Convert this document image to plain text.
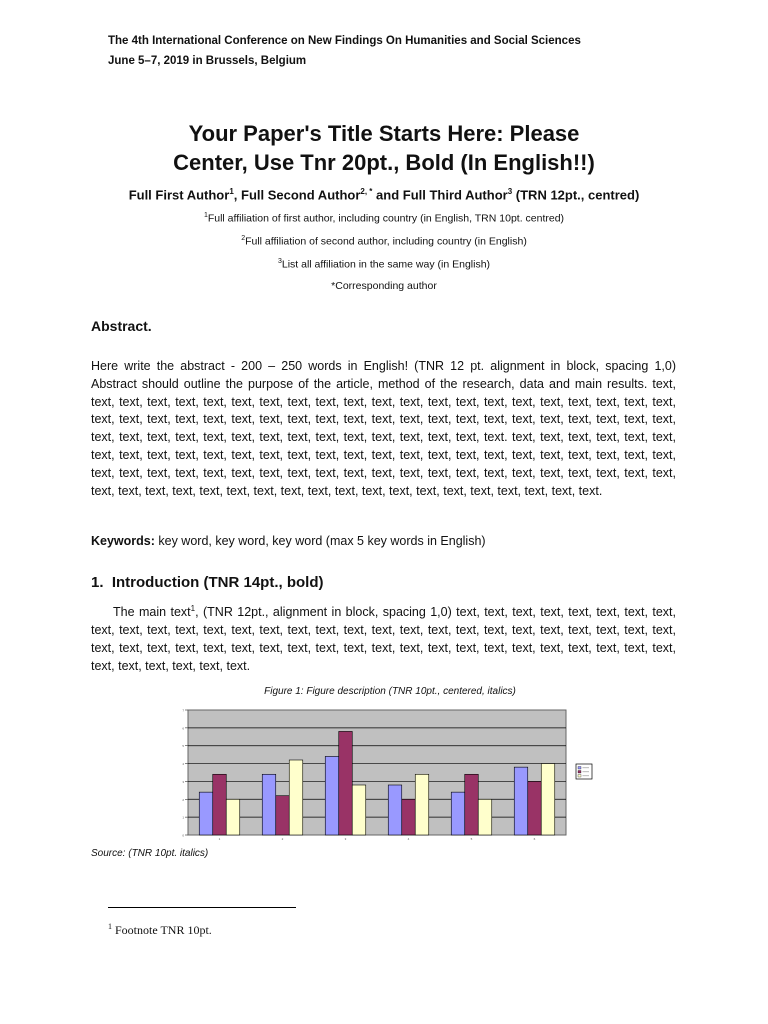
The 4th International Conference on New Findings On Humanities and Social Sciences
June 5–7, 2019 in Brussels, Belgium
Your Paper's Title Starts Here: Please
Center, Use Tnr 20pt., Bold (In English!!)
Full First Author$^1$, Full Second Author$^{2, *}$ and Full Third Author$^3$ (TRN 12pt., centred)
$^1$Full affiliation of first author, including country (in English, TRN 10pt. centred)
$^2$Full affiliation of second author, including country (in English)
$^3$List all affiliation in the same way (in English)
*Corresponding author
Abstract.
Here write the abstract - 200 – 250 words in English! (TNR 12 pt. alignment in block, spacing 1,0) Abstract should outline the purpose of the article, method of the research, data and main results. text, text, text, text, text, text, text, text, text, text, text, text, text, text, text, text, text, text, text, text, text, text, text, text, text, text, text, text, text, text, text, text, text, text, text, text, text, text, text, text, text, text, text, text, text, text, text, text, text, text, text, text, text, text, text, text, text, text. text, text, text, text, text, text, text, text, text, text, text, text, text, text, text, text, text, text, text, text, text, text, text, text, text, text, text, text, text, text, text, text, text, text, text, text, text, text, text, text, text, text, text, text, text, text, text, text, text, text, text, text, text, text, text, text, text, text, text, text, text, text, text, text, text, text, text.
Keywords: key word, key word, key word (max 5 key words in English)
1.  Introduction (TNR 14pt., bold)
The main text$^1$, (TNR 12pt., alignment in block, spacing 1,0) text, text, text, text, text, text, text, text, text, text, text, text, text, text, text, text, text, text, text, text, text, text, text, text, text, text, text, text, text, text, text, text, text, text, text, text, text, text, text, text, text, text, text, text, text, text, text, text, text, text, text, text, text, text, text, text.
Figure 1: Figure description (TNR 10pt., centered, italics)
0
1
2
3
4
5
6
7
1	2	3	4	5	6
Source: (TNR 10pt. italics)
$^1$ Footnote TNR 10pt.
